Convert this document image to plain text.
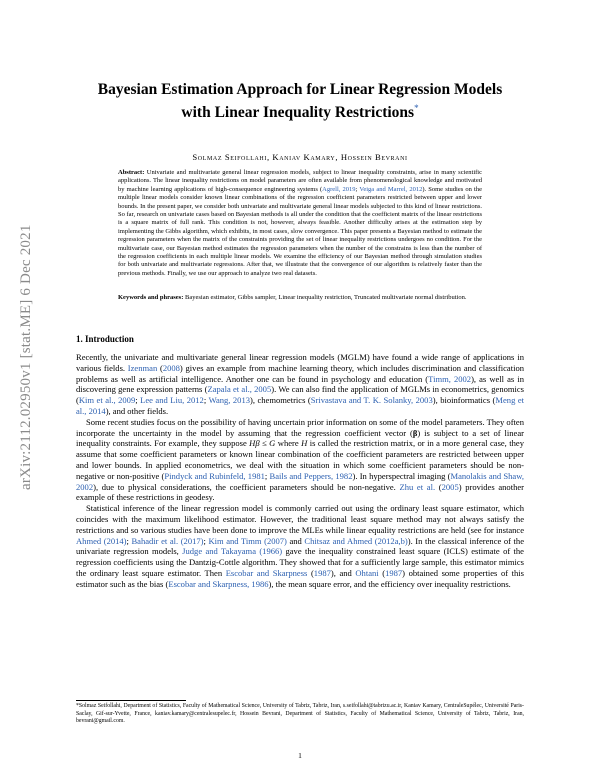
arXiv:2112.02950v1 [stat.ME] 6 Dec 2021
Bayesian Estimation Approach for Linear Regression Models
with Linear Inequality Restrictions*
Solmaz Seifollahi, Kaniav Kamary, Hossein Bevrani
Abstract: Univariate and multivariate general linear regression models, subject to linear inequality constraints, arise in many scientific applications. The linear inequality restrictions on model parameters are often available from phenomenological knowledge and motivated by machine learning applications of high-consequence engineering systems (Agrell, 2019; Veiga and Marrel, 2012). Some studies on the multiple linear models consider known linear combinations of the regression coefficient parameters restricted between upper and lower bounds. In the present paper, we consider both univariate and multivariate general linear models subjected to this kind of linear restrictions. So far, research on univariate cases based on Bayesian methods is all under the condition that the coefficient matrix of the linear restrictions is a square matrix of full rank. This condition is not, however, always feasible. Another difficulty arises at the estimation step by implementing the Gibbs algorithm, which exhibits, in most cases, slow convergence. This paper presents a Bayesian method to estimate the regression parameters when the matrix of the constraints providing the set of linear inequality restrictions undergoes no condition. For the multivariate case, our Bayesian method estimates the regression parameters when the number of the constrains is less than the number of the regression coefficients in each multiple linear models. We examine the efficiency of our Bayesian method through simulation studies for both univariate and multivariate regressions. After that, we illustrate that the convergence of our algorithm is relatively faster than the previous methods. Finally, we use our approach to analyze two real datasets.
Keywords and phrases: Bayesian estimator, Gibbs sampler, Linear inequality restriction, Truncated multivariate normal distribution.
1. Introduction

Recently, the univariate and multivariate general linear regression models (MGLM) have found a wide range of applications in various fields. Izenman (2008) gives an example from machine learning theory, which includes discrimination and classification problems as well as artificial intelligence. Another one can be found in psychology and education (Timm, 2002), as well as in discovering gene expression patterns (Zapala et al., 2005). We can also find the application of MGLMs in econometrics, genomics (Kim et al., 2009; Lee and Liu, 2012; Wang, 2013), chemometrics (Srivastava and T. K. Solanky, 2003), bioinformatics (Meng et al., 2014), and other fields.

Some recent studies focus on the possibility of having uncertain prior information on some of the model parameters. They often incorporate the uncertainty in the model by assuming that the regression coefficient vector (β) is subject to a set of linear inequality constraints. For example, they suppose Hβ ≤ G where H is called the restriction matrix, or in a more general case, they assume that some coefficient parameters or known linear combination of the coefficient parameters are restricted between upper and lower bounds. In applied econometrics, we deal with the situation in which some coefficient parameters should be non-negative or non-positive (Pindyck and Rubinfeld, 1981; Bails and Peppers, 1982). In hyperspectral imaging (Manolakis and Shaw, 2002), due to physical considerations, the coefficient parameters should be non-negative. Zhu et al. (2005) provides another example of these restrictions in geodesy.

Statistical inference of the linear regression model is commonly carried out using the ordinary least square estimator, which coincides with the maximum likelihood estimator. However, the traditional least square method may not always satisfy the restrictions and so various studies have been done to improve the MLEs while linear equality restrictions are held (see for instance Ahmed (2014); Bahadir et al. (2017); Kim and Timm (2007) and Chitsaz and Ahmed (2012a,b)). In the classical inference of the univariate regression models, Judge and Takayama (1966) gave the inequality constrained least square (ICLS) estimate of the regression coefficients using the Dantzig-Cottle algorithm. They showed that for a sufficiently large sample, this estimator mimics the ordinary least square estimator. Then Escobar and Skarpness (1987), and Ohtani (1987) obtained some properties of this estimator such as the bias (Escobar and Skarpness, 1986), the mean square error, and the efficiency over inequality restrictions.

*Solmaz Seifollahi, Department of Statistics, Faculty of Mathematical Science, University of Tabriz, Tabriz, Iran, s.seifollahi@tabrizu.ac.ir, Kaniav Kamary, CentraleSupélec, Université Paris-Saclay, Gif-sur-Yvette, France, kaniav.kamary@centralesupelec.fr, Hossein Bevrani, Department of Statistics, Faculty of Mathematical Science, University of Tabriz, Tabriz, Iran, bevrani@gmail.com.
1
